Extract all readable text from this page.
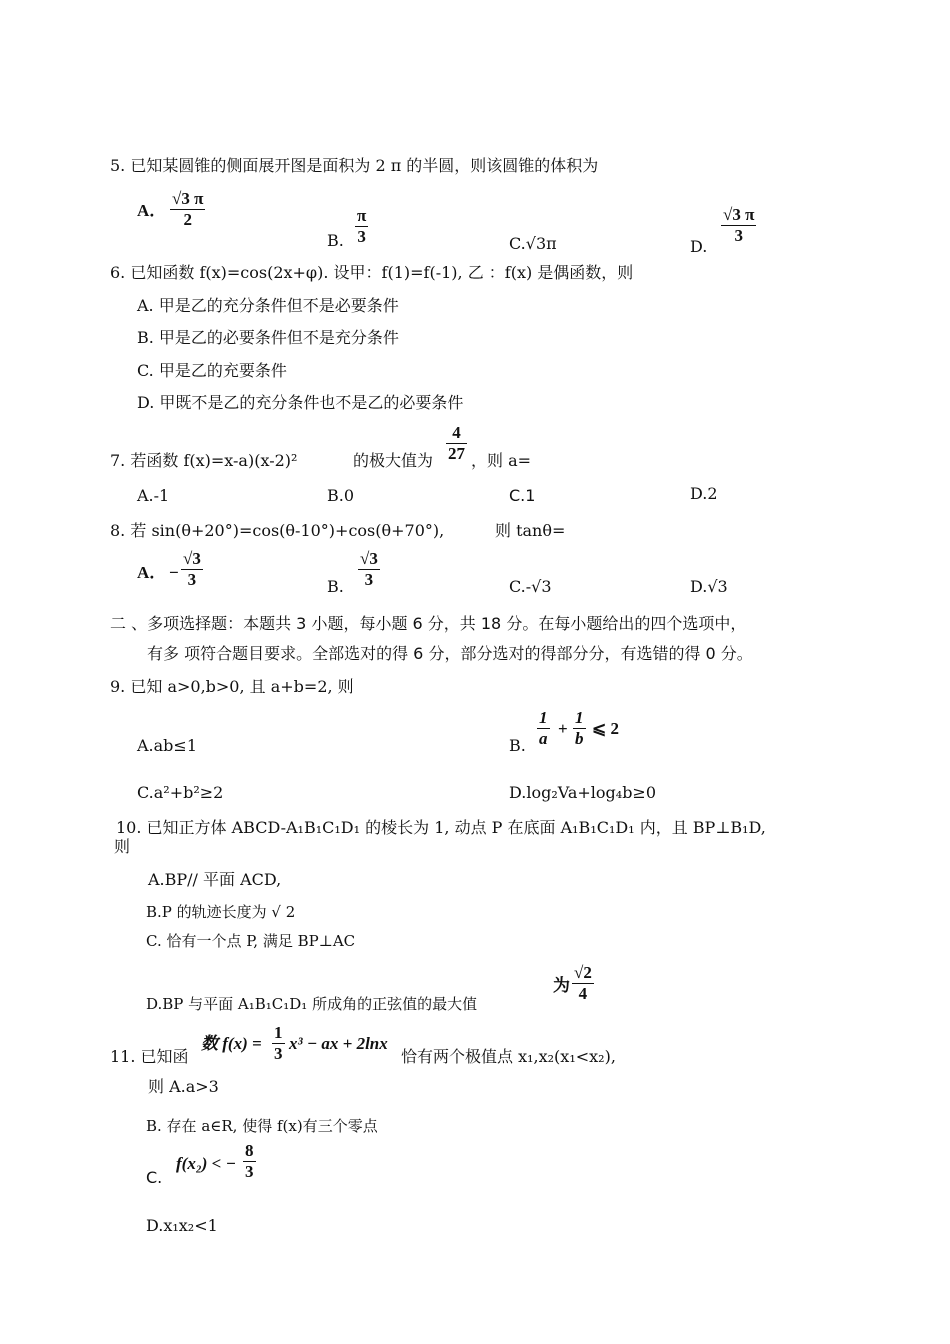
5. 已知某圆锥的侧面展开图是面积为 2 π 的半圆，则该圆锥的体积为
A．
√3 π
2
B.
π
3	C.√3π	D.
√3 π
3
6. 已知函数 f(x)=cos(2x+φ). 设甲：f(1)=f(-1), 乙 ：f(x) 是偶函数，则
A. 甲是乙的充分条件但不是必要条件
B. 甲是乙的必要条件但不是充分条件
C. 甲是乙的充要条件
D. 甲既不是乙的充分条件也不是乙的必要条件
7. 若函数 f(x)=x-a)(x-2)²	的极大值为
4
27 ，则 a=
A.-1	B.0	C.1	D.2
8. 若 sin(θ+20°)=cos(θ-10°)+cos(θ+70°),	则 tanθ=
A． −
√3
3	B.
√3
3	C.-√3	D.√3
二 、多项选择题：本题共 3 小题，每小题 6 分，共 18 分。在每小题给出的四个选项中，
有多 项符合题目要求。全部选对的得 6 分，部分选对的得部分分，有选错的得 0 分。
9. 已知 a>0,b>0, 且 a+b=2, 则
A.ab≤1	B.
1
a
+
1
b
⩽ 2
C.a²+b²≥2	D.log₂Va+log₄b≥0
10. 已知正方体 ABCD-A₁B₁C₁D₁ 的棱长为 1, 动点 P 在底面 A₁B₁C₁D₁ 内，且 BP⊥B₁D,
则
A.BP// 平面 ACD,
B.P 的轨迹长度为 √ 2
C. 恰有一个点 P, 满足 BP⊥AC
D.BP 与平面 A₁B₁C₁D₁ 所成角的正弦值的最大值
为
√2
4
11. 已知函
数 f(x) =
1
3
x³ − ax + 2lnx
恰有两个极值点 x₁,x₂(x₁<x₂),
则 A.a>3
B. 存在 a∈R, 使得 f(x)有三个零点
C.
f(x₂) < −
8
3
D.x₁x₂<1
